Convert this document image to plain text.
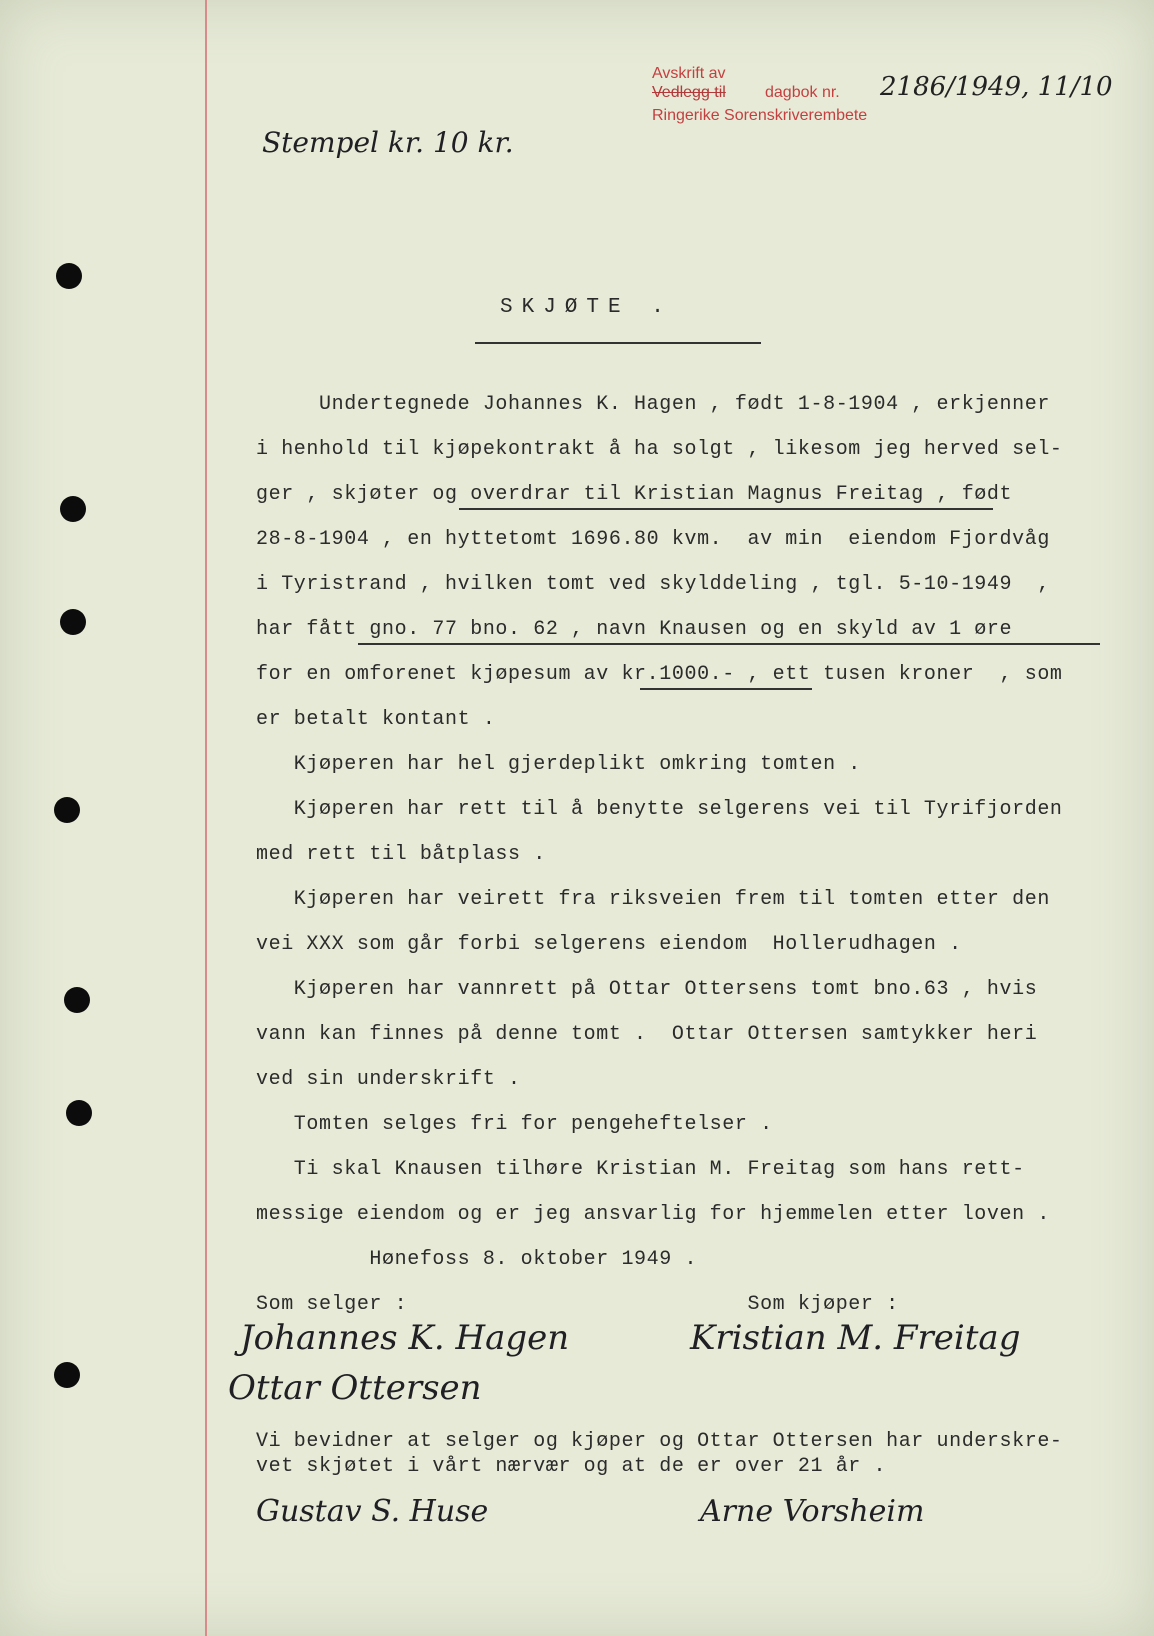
Avskrift av
Vedlegg til
Ringerike Sorenskriverembete
dagbok nr. 2186/1949, 11/10
Stempel kr. 10 kr.
SKJØTE .
Undertegnede Johannes K. Hagen , født 1-8-1904 , erkjenner
i henhold til kjøpekontrakt å ha solgt , likesom jeg herved sel-
ger , skjøter og overdrar til Kristian Magnus Freitag , født
28-8-1904 , en hyttetomt 1696.80 kvm.  av min  eiendom Fjordvåg
i Tyristrand , hvilken tomt ved skylddeling , tgl. 5-10-1949  ,
har fått gno. 77 bno. 62 , navn Knausen og en skyld av 1 øre
for en omforenet kjøpesum av kr.1000.- , ett tusen kroner  , som
er betalt kontant .
Kjøperen har hel gjerdeplikt omkring tomten .
Kjøperen har rett til å benytte selgerens vei til Tyrifjorden
med rett til båtplass .
Kjøperen har veirett fra riksveien frem til tomten etter den
vei XXX som går forbi selgerens eiendom  Hollerudhagen .
Kjøperen har vannrett på Ottar Ottersens tomt bno.63 , hvis
vann kan finnes på denne tomt .  Ottar Ottersen samtykker heri
ved sin underskrift .
Tomten selges fri for pengeheftelser .
Ti skal Knausen tilhøre Kristian M. Freitag som hans rett-
messige eiendom og er jeg ansvarlig for hjemmelen etter loven .
Hønefoss 8. oktober 1949 .
Som selger :                           Som kjøper :
Johannes K. Hagen	Kristian M. Freitag
Ottar Ottersen
Vi bevidner at selger og kjøper og Ottar Ottersen har underskre-
vet skjøtet i vårt nærvær og at de er over 21 år .
Gustav S. Huse	Arne Vorsheim
